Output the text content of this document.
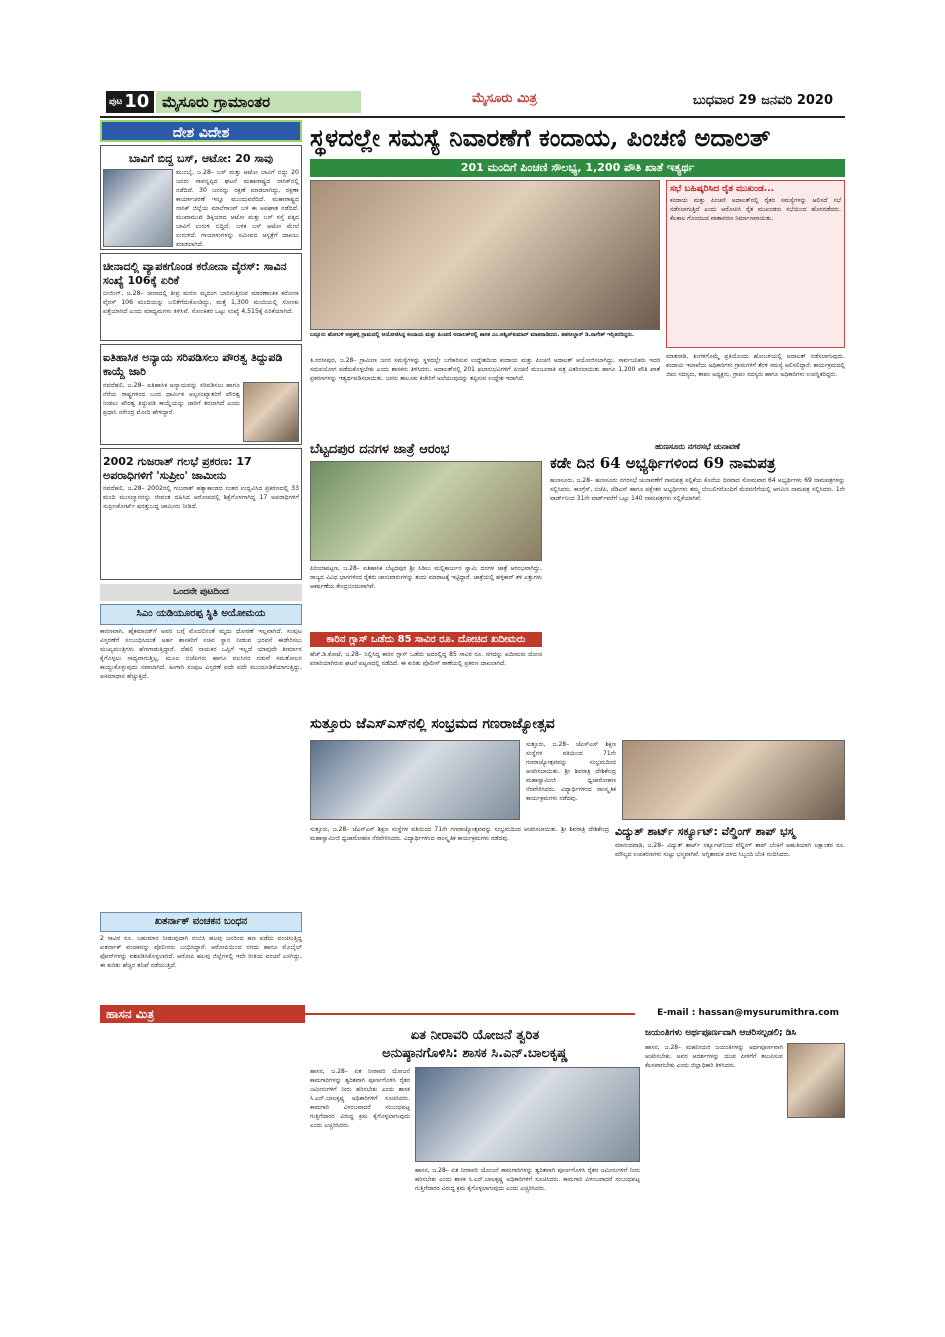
ಪುಟ 10 ಮೈಸೂರು ಗ್ರಾಮಾಂತರ	ಮೈಸೂರು ಮಿತ್ರ	ಬುಧವಾರ 29 ಜನವರಿ 2020
ದೇಶ ವಿದೇಶ
ಬಾವಿಗೆ ಬಿದ್ದ ಬಸ್, ಆಟೋ: 20 ಸಾವು
ಮುಂಬೈ, ಜ.28– ಬಸ್ ಮತ್ತು ಆಟೋ ಬಾವಿಗೆ ಬಿದ್ದು 20 ಜನರು ಸಾವನ್ನಪ್ಪಿದ ಘಟನೆ ಮಹಾರಾಷ್ಟ್ರದ ನಾಸಿಕ್‌ನಲ್ಲಿ ನಡೆದಿದೆ. 30 ಜನರನ್ನು ರಕ್ಷಣೆ ಮಾಡಲಾಗಿದ್ದು, ರಕ್ಷಣಾ ಕಾರ್ಯಾಚರಣೆ ಇನ್ನೂ ಮುಂದುವರೆದಿದೆ. ಮಹಾರಾಷ್ಟ್ರದ ನಾಸಿಕ್ ಜಿಲ್ಲೆಯ ಮಾಲೆಗಾಂವ್ ಬಳಿ ಈ ಅಪಘಾತ ನಡೆದಿದೆ. ಮುಖಾಮುಖಿ ಡಿಕ್ಕಿಯಾದ ಆಟೋ ಮತ್ತು ಬಸ್ ರಸ್ತೆ ಪಕ್ಕದ ಬಾವಿಗೆ ಉರುಳಿ ಬಿದ್ದಿದೆ. ಬಳಿಕ ಬಸ್ ಆಟೋ ಮೇಲೆ ಉರುಳಿದೆ. ಗಾಯಾಳುಗಳನ್ನು ಸಮೀಪದ ಆಸ್ಪತ್ರೆಗೆ ದಾಖಲು ಮಾಡಲಾಗಿದೆ.
ಚೀನಾದಲ್ಲಿ ವ್ಯಾಪಕಗೊಂಡ ಕರೋನಾ ವೈರಸ್: ಸಾವಿನ ಸಂಖ್ಯೆ 106ಕ್ಕೆ ಏರಿಕೆ
ಬೀಜಿಂಗ್, ಜ.28– ಚೀನಾದಲ್ಲಿ ತೀವ್ರ ಮರಣ ಮೃದಂಗ ಬಾರಿಸುತ್ತಿರುವ ಮಾರಣಾಂತಿಕ ಕರೋನಾ ವೈರಸ್ 106 ಮಂದಿಯನ್ನು ಬಲಿತೆಗೆದುಕೊಂಡಿದ್ದು, ಮತ್ತೆ 1,300 ಮಂದಿಯಲ್ಲಿ ಸೋಂಕು ಪತ್ತೆಯಾಗಿದೆ ಎಂದು ಮಾಧ್ಯಮಗಳು ತಿಳಿಸಿವೆ. ಸೋಂಕಿತರ ಒಟ್ಟು ಸಂಖ್ಯೆ 4,515ಕ್ಕೆ ಏರಿಕೆಯಾಗಿದೆ.
ಐತಿಹಾಸಿಕ ಅನ್ಯಾಯ ಸರಿಪಡಿಸಲು ಪೌರತ್ವ ತಿದ್ದುಪಡಿ ಕಾಯ್ದೆ ಜಾರಿ
ನವದೆಹಲಿ, ಜ.28– ಐತಿಹಾಸಿಕ ಅನ್ಯಾಯವನ್ನು ಸರಿಪಡಿಸಲು ಹಾಗೂ ನೆರೆಯ ರಾಷ್ಟ್ರಗಳಿಂದ ಬಂದ ಧಾರ್ಮಿಕ ಅಲ್ಪಸಂಖ್ಯಾತರಿಗೆ ಪೌರತ್ವ ನೀಡಲು ಪೌರತ್ವ ತಿದ್ದುಪಡಿ ಕಾಯ್ದೆಯನ್ನು ಜಾರಿಗೆ ತರಲಾಗಿದೆ ಎಂದು ಪ್ರಧಾನಿ ನರೇಂದ್ರ ಮೋದಿ ಹೇಳಿದ್ದಾರೆ.
2002 ಗುಜರಾತ್ ಗಲಭೆ ಪ್ರಕರಣ: 17 ಅಪರಾಧಿಗಳಿಗೆ 'ಸುಪ್ರೀಂ' ಜಾಮೀನು
ನವದೆಹಲಿ, ಜ.28– 2002ರಲ್ಲಿ ಗುಜರಾತ್ ಹತ್ಯಾಕಾಂಡದ ನಂತರ ಉದ್ಭವಿಸಿದ ಪ್ರಕರಣದಲ್ಲಿ 33 ಮಂದಿ ಮುಸಲ್ಮಾನರನ್ನು ಜೀವಂತ ದಹಿಸಿದ ಆರೋಪದಲ್ಲಿ ಶಿಕ್ಷೆಗೊಳಗಾಗಿದ್ದ 17 ಅಪರಾಧಿಗಳಿಗೆ ಸುಪ್ರೀಂಕೋರ್ಟ್ ಷರತ್ತುಬದ್ಧ ಜಾಮೀನು ನೀಡಿದೆ.
ಒಂದನೇ ಪುಟದಿಂದ
ಸಿಎಂ ಯಡಿಯೂರಪ್ಪ ಸ್ಥಿತಿ ಅಯೋಮಯ
ಕಾರಣವಾಗಿ, ಹೈಕಮಾಂಡ್‌ಗೆ ಅವರ ಬಗ್ಗೆ ಮೊದಲಿನಂತೆ ಮೃದು ಧೋರಣೆ ಇಲ್ಲವಾಗಿದೆ. ಸಂಪುಟ ವಿಸ್ತರಣೆಗೆ ಸಂಬಂಧಿಸಿದಂತೆ ಅರ್ಹ ಶಾಸಕರಿಗೆ ಸಚಿವ ಸ್ಥಾನ ನೀಡುವ ಭರವಸೆ ಈಡೇರಿಸಲು ಮುಖ್ಯಮಂತ್ರಿಗಳು ಹೆಣಗಾಡುತ್ತಿದ್ದಾರೆ. ದೆಹಲಿ ನಾಯಕರ ಒಪ್ಪಿಗೆ ಇಲ್ಲದೆ ಯಾವುದೇ ತೀರ್ಮಾನ ಕೈಗೊಳ್ಳಲು ಸಾಧ್ಯವಾಗುತ್ತಿಲ್ಲ. ಮೂಲ ಬಿಜೆಪಿಗರು ಹಾಗೂ ವಲಸಿಗರ ನಡುವೆ ಸಮತೋಲನ ಕಾಯ್ದುಕೊಳ್ಳುವುದು ಸವಾಲಾಗಿದೆ. ಹೀಗಾಗಿ ಸಂಪುಟ ವಿಸ್ತರಣೆ ಪದೇ ಪದೇ ಮುಂದೂಡಿಕೆಯಾಗುತ್ತಿದ್ದು, ಅಸಮಾಧಾನ ಹೆಚ್ಚುತ್ತಿದೆ.
ಖತರ್ನಾಕ್ ವಂಚಕನ ಬಂಧನ
2 ಸಾವಿರ ರೂ. ಬಹುಮಾನ ನೀಡುವುದಾಗಿ ನಂಬಿಸಿ ಹಲವು ಜನರಿಂದ ಹಣ ಪಡೆದು ವಂಚಿಸುತ್ತಿದ್ದ ಖತರ್ನಾಕ್ ವಂಚಕನನ್ನು ಪೊಲೀಸರು ಬಂಧಿಸಿದ್ದಾರೆ. ಆರೋಪಿಯಿಂದ ನಗದು ಹಾಗೂ ಮೊಬೈಲ್ ಫೋನ್‌ಗಳನ್ನು ವಶಪಡಿಸಿಕೊಳ್ಳಲಾಗಿದೆ. ಆರೋಪಿ ಹಲವು ಜಿಲ್ಲೆಗಳಲ್ಲಿ ಇದೇ ರೀತಿಯ ವಂಚನೆ ಎಸಗಿದ್ದು, ಈ ಕುರಿತು ಹೆಚ್ಚಿನ ತನಿಖೆ ನಡೆಯುತ್ತಿದೆ.
ಸ್ಥಳದಲ್ಲೇ ಸಮಸ್ಯೆ ನಿವಾರಣೆಗೆ ಕಂದಾಯ, ಪಿಂಚಣಿ ಅದಾಲತ್
201 ಮಂದಿಗೆ ಪಿಂಚಣಿ ಸೌಲಭ್ಯ, 1,200 ಪೌತಿ ಖಾತೆ ಇತ್ಯರ್ಥ
ಬನ್ನೂರು ಹೋಬಳಿ ಅತ್ತಹಳ್ಳಿ ಗ್ರಾಮದಲ್ಲಿ ಆಯೋಜಿಸಿದ್ದ ಕಂದಾಯ ಮತ್ತು ಪಿಂಚಣಿ ಅದಾಲತ್‌ನಲ್ಲಿ ಶಾಸಕ ಎಂ.ಅಶ್ವಿನ್‌ಕುಮಾರ್ ಮಾತನಾಡಿದರು. ತಹಸೀಲ್ದಾರ್ ಡಿ.ನಾಗೇಶ್ ಇನ್ನಿತರರಿದ್ದರು.
ಸಭೆ ಬಹಿಷ್ಕರಿಸಿದ ರೈತ ಮುಖಂಡ...
ಕಂದಾಯ ಮತ್ತು ಪಿಂಚಣಿ ಅದಾಲತ್‌ನಲ್ಲಿ ರೈತರ ಸಮಸ್ಯೆಗಳನ್ನು ಆಲಿಸದೆ ಸಭೆ ನಡೆಸಲಾಗುತ್ತಿದೆ ಎಂದು ಆರೋಪಿಸಿ ರೈತ ಮುಖಂಡರು ಸಭೆಯಿಂದ ಹೊರನಡೆದರು. ಕೆಲಕಾಲ ಗೊಂದಲದ ವಾತಾವರಣ ನಿರ್ಮಾಣವಾಯಿತು.
ತಿ.ನರಸೀಪುರ, ಜ.28– ಗ್ರಾಮೀಣ ಜನರ ಸಮಸ್ಯೆಗಳನ್ನು ಸ್ಥಳದಲ್ಲೇ ಬಗೆಹರಿಸುವ ಉದ್ದೇಶದಿಂದ ಕಂದಾಯ ಮತ್ತು ಪಿಂಚಣಿ ಅದಾಲತ್ ಆಯೋಜಿಸಲಾಗಿದ್ದು, ಸಾರ್ವಜನಿಕರು ಇದರ ಸದುಪಯೋಗ ಪಡೆದುಕೊಳ್ಳಬೇಕು ಎಂದು ಶಾಸಕರು ತಿಳಿಸಿದರು. ಅದಾಲತ್‌ನಲ್ಲಿ 201 ಫಲಾನುಭವಿಗಳಿಗೆ ಪಿಂಚಣಿ ಮಂಜೂರಾತಿ ಪತ್ರ ವಿತರಿಸಲಾಯಿತು ಹಾಗೂ 1,200 ಪೌತಿ ಖಾತೆ ಪ್ರಕರಣಗಳನ್ನು ಇತ್ಯರ್ಥಪಡಿಸಲಾಯಿತು. ಜನರು ತಾಲೂಕು ಕಚೇರಿಗೆ ಅಲೆಯುವುದನ್ನು ತಪ್ಪಿಸುವ ಉದ್ದೇಶ ಇದಾಗಿದೆ.
ಮಾತನಾಡಿ, ತಿಂಗಳಿಗೊಮ್ಮೆ ಪ್ರತಿಯೊಂದು ಹೋಬಳಿಯಲ್ಲಿ ಅದಾಲತ್ ನಡೆಸಲಾಗುವುದು. ಕಂದಾಯ ಇಲಾಖೆಯ ಅಧಿಕಾರಿಗಳು ಗ್ರಾಮಗಳಿಗೆ ತೆರಳಿ ಸಮಸ್ಯೆ ಆಲಿಸಲಿದ್ದಾರೆ. ಕಾರ್ಯಕ್ರಮದಲ್ಲಿ ಜಿಪಂ ಸದಸ್ಯರು, ತಾಪಂ ಅಧ್ಯಕ್ಷರು, ಗ್ರಾಪಂ ಸದಸ್ಯರು ಹಾಗೂ ಅಧಿಕಾರಿಗಳು ಉಪಸ್ಥಿತರಿದ್ದರು.
ಬೆಟ್ಟದಪುರ ದನಗಳ ಜಾತ್ರೆ ಆರಂಭ
ಪಿರಿಯಾಪಟ್ಟಣ, ಜ.28– ಐತಿಹಾಸಿಕ ಬೆಟ್ಟದಪುರ ಶ್ರೀ ಸಿಡಿಲು ಮಲ್ಲಿಕಾರ್ಜುನ ಸ್ವಾಮಿ ದನಗಳ ಜಾತ್ರೆ ಆರಂಭವಾಗಿದ್ದು, ರಾಜ್ಯದ ವಿವಿಧ ಭಾಗಗಳಿಂದ ರೈತರು ಜಾನುವಾರುಗಳನ್ನು ತಂದು ಮಾರಾಟಕ್ಕೆ ಇಟ್ಟಿದ್ದಾರೆ. ಜಾತ್ರೆಯಲ್ಲಿ ಹಳ್ಳಿಕಾರ್ ತಳಿ ಎತ್ತುಗಳು ಆಕರ್ಷಣೆಯ ಕೇಂದ್ರಬಿಂದುವಾಗಿವೆ.
ಕಾರಿನ ಗ್ಲಾಸ್ ಒಡೆದು 85 ಸಾವಿರ ರೂ. ದೋಚಿದ ಖದೀಮರು
ಹೆಚ್.ಡಿ.ಕೋಟೆ, ಜ.28– ನಿಲ್ಲಿಸಿದ್ದ ಕಾರಿನ ಗ್ಲಾಸ್ ಒಡೆದು ಅದರಲ್ಲಿದ್ದ 85 ಸಾವಿರ ರೂ. ನಗದನ್ನು ಖದೀಮರು ದೋಚಿ ಪರಾರಿಯಾಗಿರುವ ಘಟನೆ ಪಟ್ಟಣದಲ್ಲಿ ನಡೆದಿದೆ. ಈ ಕುರಿತು ಪೊಲೀಸ್ ಠಾಣೆಯಲ್ಲಿ ಪ್ರಕರಣ ದಾಖಲಾಗಿದೆ.
ಹುಣಸೂರು ನಗರಸಭೆ ಚುನಾವಣೆ
ಕಡೇ ದಿನ 64 ಅಭ್ಯರ್ಥಿಗಳಿಂದ 69 ನಾಮಪತ್ರ
ಹುಣಸೂರು, ಜ.28– ಹುಣಸೂರು ನಗರಸಭೆ ಚುನಾವಣೆಗೆ ನಾಮಪತ್ರ ಸಲ್ಲಿಕೆಯ ಕೊನೆಯ ದಿನವಾದ ಸೋಮವಾರ 64 ಅಭ್ಯರ್ಥಿಗಳು 69 ನಾಮಪತ್ರಗಳನ್ನು ಸಲ್ಲಿಸಿದರು. ಕಾಂಗ್ರೆಸ್, ಬಿಜೆಪಿ, ಜೆಡಿಎಸ್ ಹಾಗೂ ಪಕ್ಷೇತರ ಅಭ್ಯರ್ಥಿಗಳು ತಮ್ಮ ಬೆಂಬಲಿಗರೊಂದಿಗೆ ಮೆರವಣಿಗೆಯಲ್ಲಿ ಆಗಮಿಸಿ ನಾಮಪತ್ರ ಸಲ್ಲಿಸಿದರು. 1ನೇ ವಾರ್ಡ್‌ನಿಂದ 31ನೇ ವಾರ್ಡ್‌ವರೆಗೆ ಒಟ್ಟು 140 ನಾಮಪತ್ರಗಳು ಸಲ್ಲಿಕೆಯಾಗಿವೆ.
ಸುತ್ತೂರು ಜೆಎಸ್‌ಎಸ್‌ನಲ್ಲಿ ಸಂಭ್ರಮದ ಗಣರಾಜ್ಯೋತ್ಸವ
ಸುತ್ತೂರು, ಜ.28– ಜೆಎಸ್‌ಎಸ್ ಶಿಕ್ಷಣ ಸಂಸ್ಥೆಗಳ ವತಿಯಿಂದ 71ನೇ ಗಣರಾಜ್ಯೋತ್ಸವವನ್ನು ಸಂಭ್ರಮದಿಂದ ಆಚರಿಸಲಾಯಿತು. ಶ್ರೀ ಶಿವರಾತ್ರಿ ದೇಶಿಕೇಂದ್ರ ಮಹಾಸ್ವಾಮೀಜಿ ಧ್ವಜಾರೋಹಣ ನೆರವೇರಿಸಿದರು. ವಿದ್ಯಾರ್ಥಿಗಳಿಂದ ಸಾಂಸ್ಕೃತಿಕ ಕಾರ್ಯಕ್ರಮಗಳು ನಡೆದವು.
ಸುತ್ತೂರು, ಜ.28– ಜೆಎಸ್‌ಎಸ್ ಶಿಕ್ಷಣ ಸಂಸ್ಥೆಗಳ ವತಿಯಿಂದ 71ನೇ ಗಣರಾಜ್ಯೋತ್ಸವವನ್ನು ಸಂಭ್ರಮದಿಂದ ಆಚರಿಸಲಾಯಿತು. ಶ್ರೀ ಶಿವರಾತ್ರಿ ದೇಶಿಕೇಂದ್ರ ಮಹಾಸ್ವಾಮೀಜಿ ಧ್ವಜಾರೋಹಣ ನೆರವೇರಿಸಿದರು. ವಿದ್ಯಾರ್ಥಿಗಳಿಂದ ಸಾಂಸ್ಕೃತಿಕ ಕಾರ್ಯಕ್ರಮಗಳು ನಡೆದವು.
ವಿದ್ಯುತ್ ಶಾರ್ಟ್ ಸರ್ಕ್ಯೂಟ್: ವೆಲ್ಡಿಂಗ್ ಶಾಪ್ ಭಸ್ಮ
ಮಾನಂದವಾಡಿ, ಜ.28– ವಿದ್ಯುತ್ ಶಾರ್ಟ್ ಸರ್ಕ್ಯೂಟ್‌ನಿಂದ ವೆಲ್ಡಿಂಗ್ ಶಾಪ್ ಬೆಂಕಿಗೆ ಆಹುತಿಯಾಗಿ ಲಕ್ಷಾಂತರ ರೂ. ಮೌಲ್ಯದ ಉಪಕರಣಗಳು ಸುಟ್ಟು ಭಸ್ಮವಾಗಿವೆ. ಅಗ್ನಿಶಾಮಕ ದಳದ ಸಿಬ್ಬಂದಿ ಬೆಂಕಿ ನಂದಿಸಿದರು.
ಹಾಸನ ಮಿತ್ರ	E-mail : hassan@mysurumithra.com
ಏತ ನೀರಾವರಿ ಯೋಜನೆ ತ್ವರಿತ
ಅನುಷ್ಠಾನಗೊಳಿಸಿ: ಶಾಸಕ ಸಿ.ಎನ್.ಬಾಲಕೃಷ್ಣ
ಹಾಸನ, ಜ.28– ಏತ ನೀರಾವರಿ ಯೋಜನೆ ಕಾಮಗಾರಿಗಳನ್ನು ತ್ವರಿತವಾಗಿ ಪೂರ್ಣಗೊಳಿಸಿ ರೈತರ ಜಮೀನುಗಳಿಗೆ ನೀರು ಹರಿಸಬೇಕು ಎಂದು ಶಾಸಕ ಸಿ.ಎನ್.ಬಾಲಕೃಷ್ಣ ಅಧಿಕಾರಿಗಳಿಗೆ ಸೂಚಿಸಿದರು. ಕಾಮಗಾರಿ ವಿಳಂಬವಾದರೆ ಸಂಬಂಧಪಟ್ಟ ಗುತ್ತಿಗೆದಾರರ ವಿರುದ್ಧ ಕ್ರಮ ಕೈಗೊಳ್ಳಲಾಗುವುದು ಎಂದು ಎಚ್ಚರಿಸಿದರು.
ಹಾಸನ, ಜ.28– ಏತ ನೀರಾವರಿ ಯೋಜನೆ ಕಾಮಗಾರಿಗಳನ್ನು ತ್ವರಿತವಾಗಿ ಪೂರ್ಣಗೊಳಿಸಿ ರೈತರ ಜಮೀನುಗಳಿಗೆ ನೀರು ಹರಿಸಬೇಕು ಎಂದು ಶಾಸಕ ಸಿ.ಎನ್.ಬಾಲಕೃಷ್ಣ ಅಧಿಕಾರಿಗಳಿಗೆ ಸೂಚಿಸಿದರು. ಕಾಮಗಾರಿ ವಿಳಂಬವಾದರೆ ಸಂಬಂಧಪಟ್ಟ ಗುತ್ತಿಗೆದಾರರ ವಿರುದ್ಧ ಕ್ರಮ ಕೈಗೊಳ್ಳಲಾಗುವುದು ಎಂದು ಎಚ್ಚರಿಸಿದರು.
ಜಯಂತಿಗಳು ಅರ್ಥಪೂರ್ಣವಾಗಿ ಆಚರಿಸಲ್ಪಡಲಿ; ಡಿಸಿ
ಹಾಸನ, ಜ.28– ಮಹನೀಯರ ಜಯಂತಿಗಳನ್ನು ಅರ್ಥಪೂರ್ಣವಾಗಿ ಆಚರಿಸಬೇಕು. ಅವರ ಆದರ್ಶಗಳನ್ನು ಯುವ ಪೀಳಿಗೆಗೆ ತಲುಪಿಸುವ ಕೆಲಸವಾಗಬೇಕು ಎಂದು ಜಿಲ್ಲಾಧಿಕಾರಿ ತಿಳಿಸಿದರು.
